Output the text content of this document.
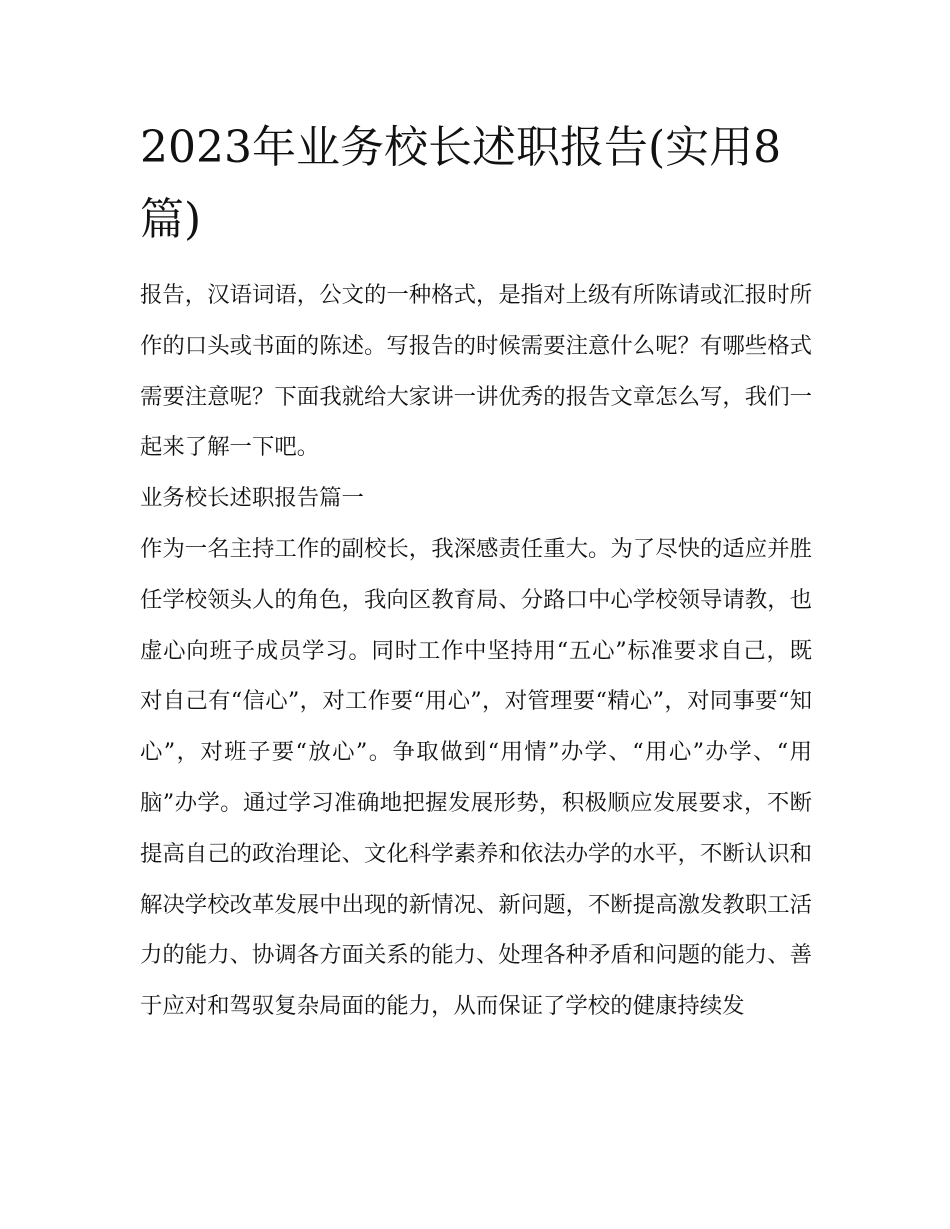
2023年业务校长述职报告(实用8篇)

报告，汉语词语，公文的一种格式，是指对上级有所陈请或汇报时所作的口头或书面的陈述。写报告的时候需要注意什么呢？有哪些格式需要注意呢？下面我就给大家讲一讲优秀的报告文章怎么写，我们一起来了解一下吧。

业务校长述职报告篇一

作为一名主持工作的副校长，我深感责任重大。为了尽快的适应并胜任学校领头人的角色，我向区教育局、分路口中心学校领导请教，也虚心向班子成员学习。同时工作中坚持用“五心”标准要求自己，既对自己有“信心”，对工作要“用心”，对管理要“精心”，对同事要“知心”，对班子要“放心”。争取做到“用情”办学、“用心”办学、“用脑”办学。通过学习准确地把握发展形势，积极顺应发展要求，不断提高自己的政治理论、文化科学素养和依法办学的水平，不断认识和解决学校改革发展中出现的新情况、新问题，不断提高激发教职工活力的能力、协调各方面关系的能力、处理各种矛盾和问题的能力、善于应对和驾驭复杂局面的能力，从而保证了学校的健康持续发
